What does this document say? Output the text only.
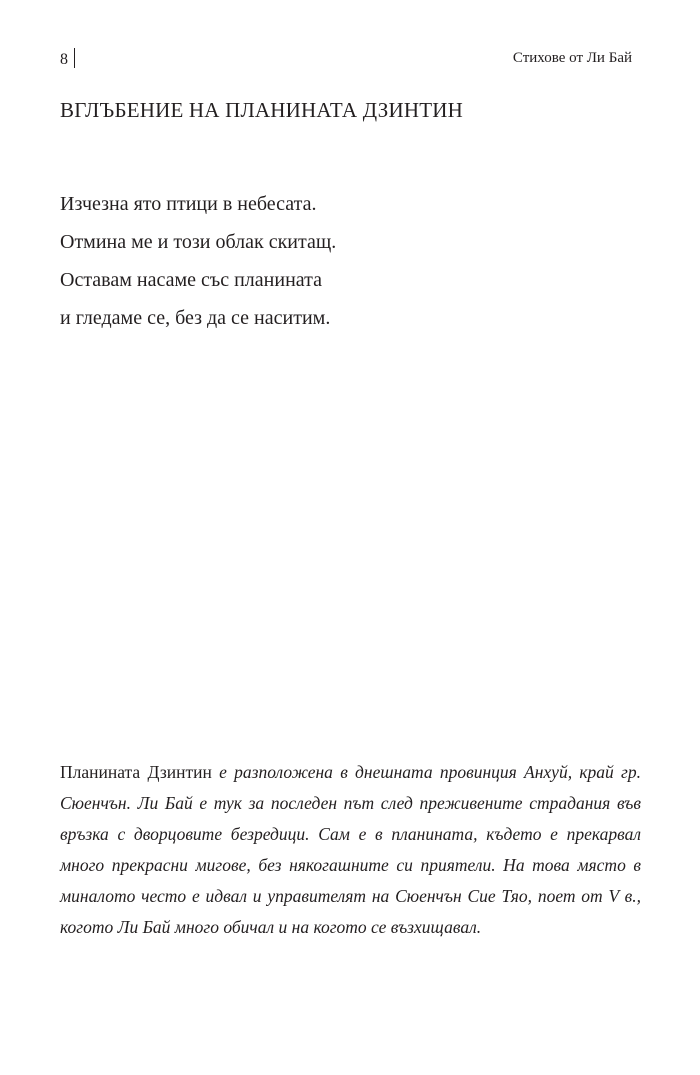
8	Стихове от Ли Бай
ВГЛЪБЕНИЕ НА ПЛАНИНАТА ДЗИНТИН
Изчезна ято птици в небесата.
Отмина ме и този облак скитащ.
Оставам насаме със планината
и гледаме се, без да се наситим.

Планината Дзинтин е разположена в днешната провинция Анхуй, край гр. Сюенчън. Ли Бай е тук за последен път след преживените страдания във връзка с дворцовите безредици. Сам е в планината, където е прекарвал много прекрасни мигове, без някогашните си приятели. На това място в миналото често е идвал и управителят на Сюенчън Сие Тяо, поет от V в., когото Ли Бай много обичал и на когото се възхищавал.
